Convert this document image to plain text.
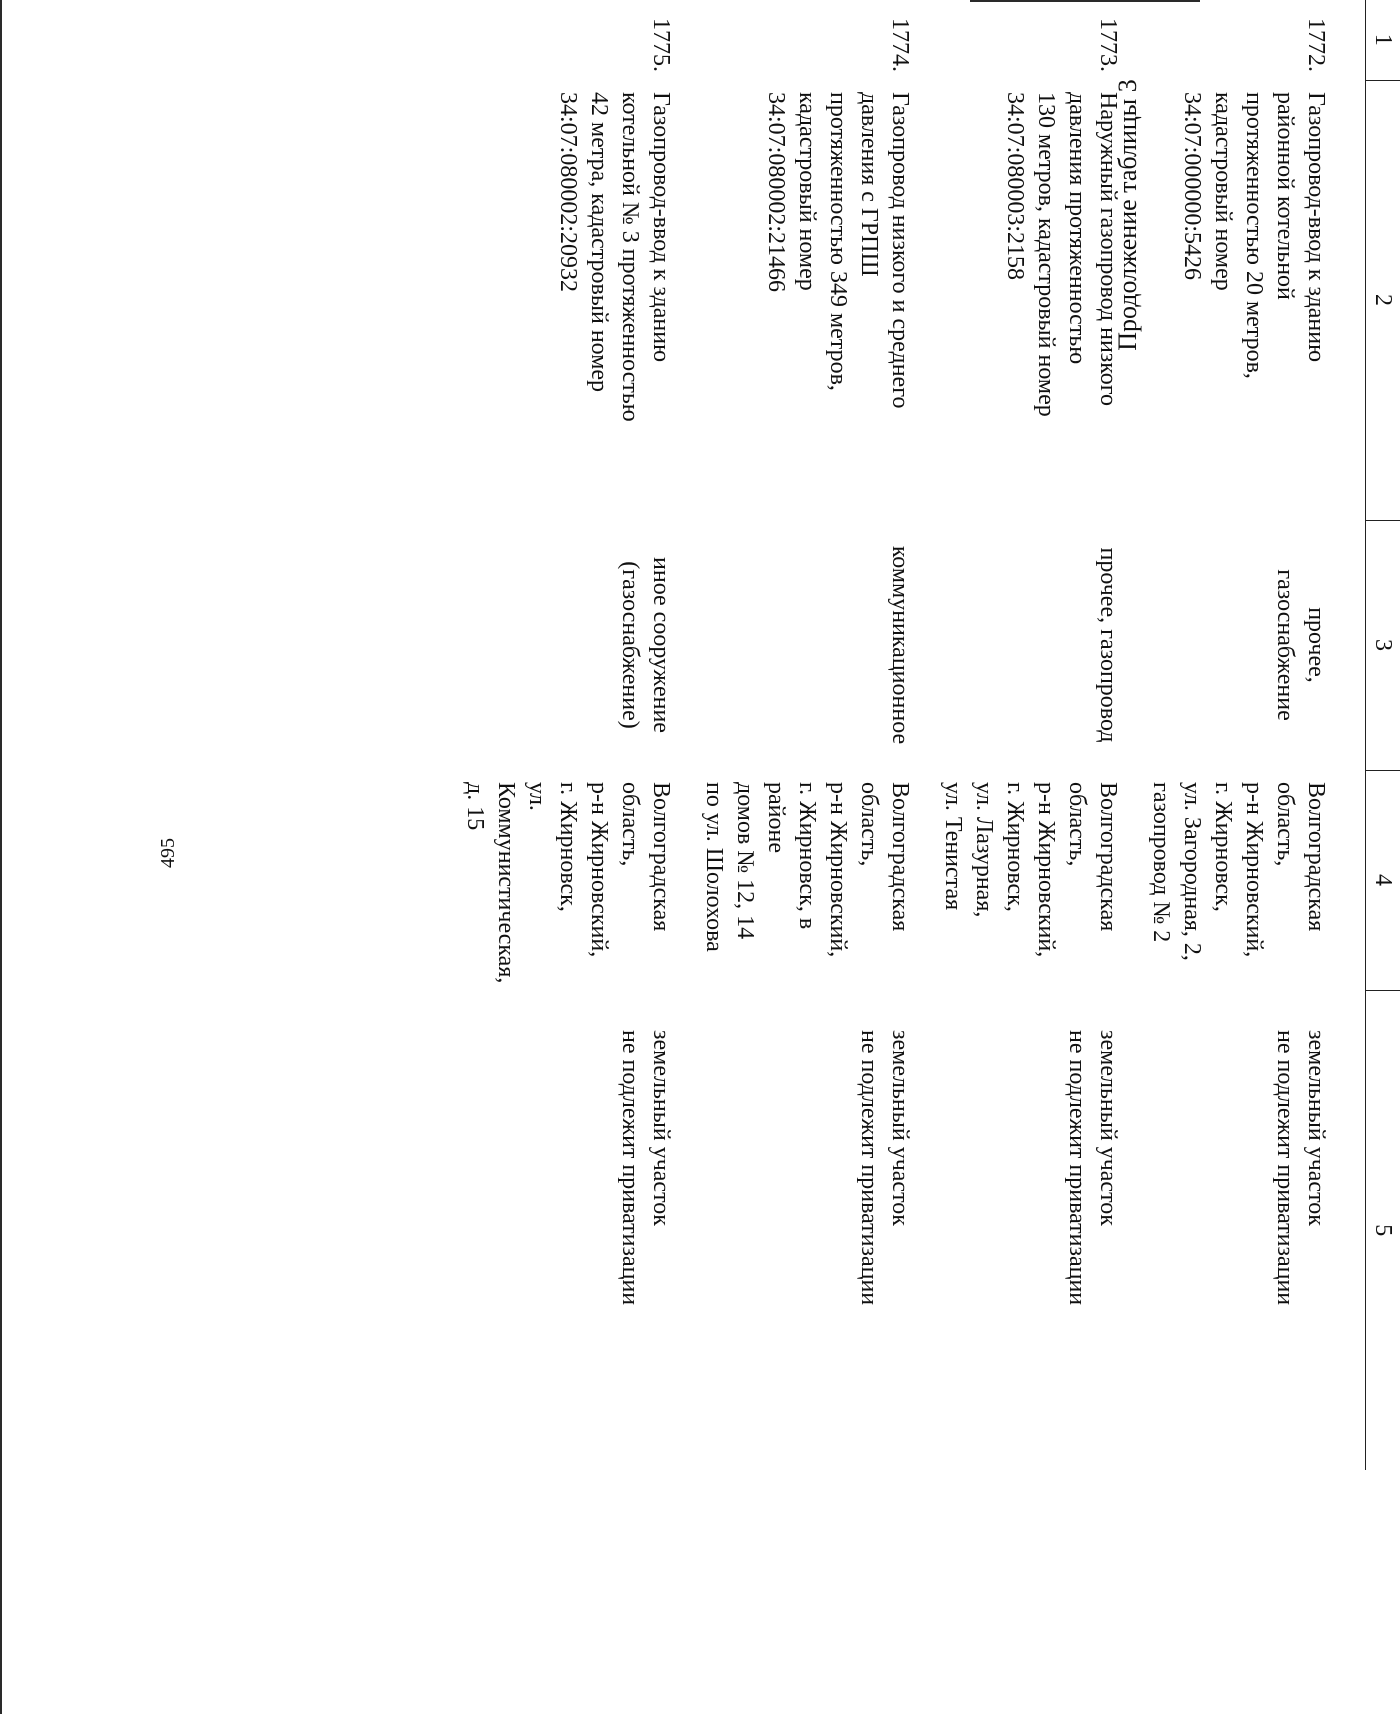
495
Продолжение таблицы 3
1	2	3	4	5
1772.	Газопровод-ввод к зданию
районной котельной
протяженностью 20 метров,
кадастровый номер
34:07:000000:5426	прочее,
газоснабжение	Волгоградская область,
р-н Жирновский,
г. Жирновск,
ул. Загородная, 2,
газопровод № 2	земельный участок
не подлежит приватизации
1773.	Наружный газопровод низкого
давления протяженностью
130 метров, кадастровый номер
34:07:080003:2158	прочее, газопровод	Волгоградская область,
р-н Жирновский,
г. Жирновск,
ул. Лазурная,
ул. Тенистая	земельный участок
не подлежит приватизации
1774.	Газопровод низкого и среднего
давления с ГРПШ
протяженностью 349 метров,
кадастровый номер
34:07:080002:21466	коммуникационное	Волгоградская область,
р-н Жирновский,
г. Жирновск, в районе
домов № 12, 14
по ул. Шолохова	земельный участок
не подлежит приватизации
1775.	Газопровод-ввод к зданию
котельной № 3 протяженностью
42 метра, кадастровый номер
34:07:080002:20932	иное сооружение
(газоснабжение)	Волгоградская область,
р-н Жирновский,
г. Жирновск,
ул. Коммунистическая,
д. 15	земельный участок
не подлежит приватизации
